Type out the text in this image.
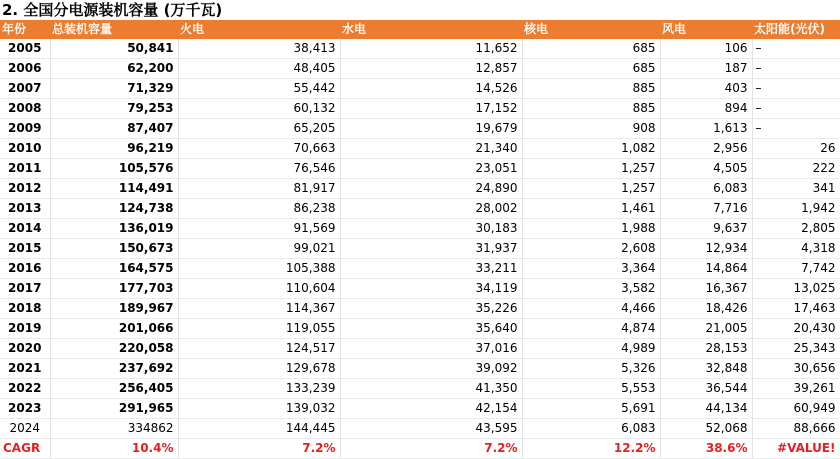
2. 全国分电源装机容量 (万千瓦)
年份	总装机容量	火电	水电	核电	风电	太阳能(光伏)
2005	50,841	38,413	11,652	685	106	–
2006	62,200	48,405	12,857	685	187	–
2007	71,329	55,442	14,526	885	403	–
2008	79,253	60,132	17,152	885	894	–
2009	87,407	65,205	19,679	908	1,613	–
2010	96,219	70,663	21,340	1,082	2,956	26
2011	105,576	76,546	23,051	1,257	4,505	222
2012	114,491	81,917	24,890	1,257	6,083	341
2013	124,738	86,238	28,002	1,461	7,716	1,942
2014	136,019	91,569	30,183	1,988	9,637	2,805
2015	150,673	99,021	31,937	2,608	12,934	4,318
2016	164,575	105,388	33,211	3,364	14,864	7,742
2017	177,703	110,604	34,119	3,582	16,367	13,025
2018	189,967	114,367	35,226	4,466	18,426	17,463
2019	201,066	119,055	35,640	4,874	21,005	20,430
2020	220,058	124,517	37,016	4,989	28,153	25,343
2021	237,692	129,678	39,092	5,326	32,848	30,656
2022	256,405	133,239	41,350	5,553	36,544	39,261
2023	291,965	139,032	42,154	5,691	44,134	60,949
2024	334862	144,445	43,595	6,083	52,068	88,666
CAGR	10.4%	7.2%	7.2%	12.2%	38.6%	#VALUE!
